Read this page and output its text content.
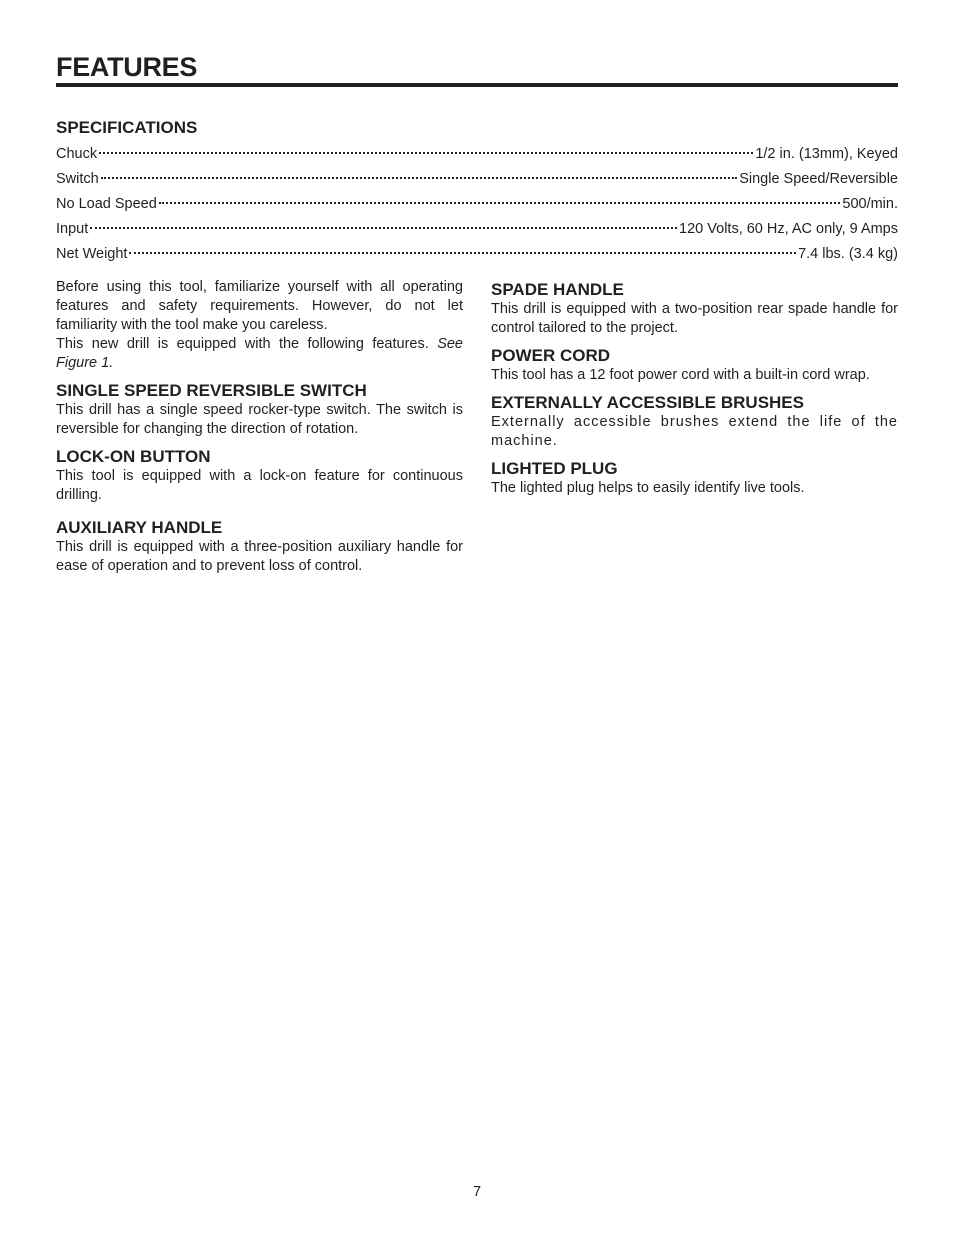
FEATURES
SPECIFICATIONS
Chuck	1/2 in. (13mm), Keyed
Switch	Single Speed/Reversible
No Load Speed	500/min.
Input	120 Volts, 60 Hz, AC only, 9 Amps
Net Weight	7.4 lbs. (3.4 kg)

Before using this tool, familiarize yourself with all operating features and safety requirements. However, do not let familiarity with the tool make you careless.

This new drill is equipped with the following features. See Figure 1.

SINGLE SPEED REVERSIBLE SWITCH

This drill has a single speed rocker-type switch. The switch is reversible for changing the direction of rotation.

LOCK-ON BUTTON

This tool is equipped with a lock-on feature for continuous drilling.

AUXILIARY HANDLE

This drill is equipped with a three-position auxiliary handle for ease of operation and to prevent loss of control.

SPADE HANDLE

This drill is equipped with a two-position rear spade handle for control tailored to the project.

POWER CORD

This tool has a 12 foot power cord with a built-in cord wrap.

EXTERNALLY ACCESSIBLE BRUSHES

Externally accessible brushes extend the life of the machine.

LIGHTED PLUG

The lighted plug helps to easily identify live tools.

7
